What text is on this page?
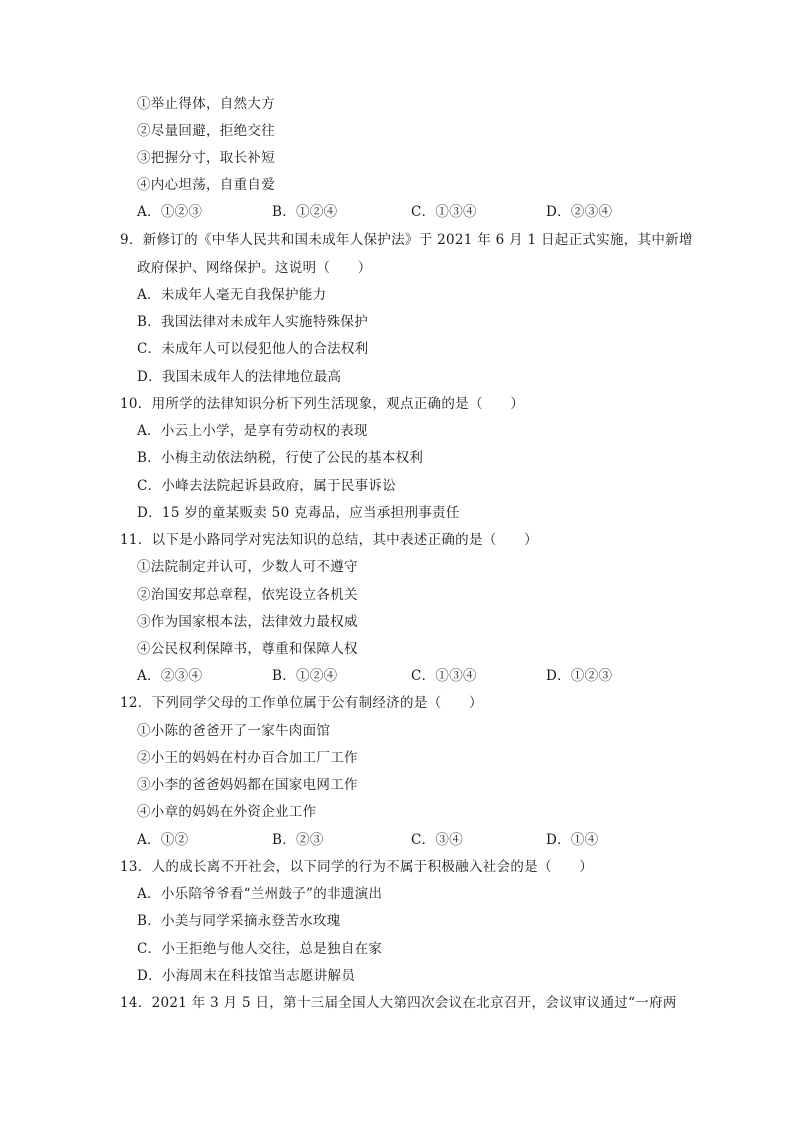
①举止得体，自然大方
②尽量回避，拒绝交往
③把握分寸，取长补短
④内心坦荡，自重自爱
A．①②③	B．①②④	C．①③④	D．②③④
9．新修订的《中华人民共和国未成年人保护法》于 2021 年 6 月 1 日起正式实施，其中新增
政府保护、网络保护。这说明（　　）
A．未成年人毫无自我保护能力
B．我国法律对未成年人实施特殊保护
C．未成年人可以侵犯他人的合法权利
D．我国未成年人的法律地位最高
10．用所学的法律知识分析下列生活现象，观点正确的是（　　）
A．小云上小学，是享有劳动权的表现
B．小梅主动依法纳税，行使了公民的基本权利
C．小峰去法院起诉县政府，属于民事诉讼
D．15 岁的童某贩卖 50 克毒品，应当承担刑事责任
11．以下是小路同学对宪法知识的总结，其中表述正确的是（　　）
①法院制定并认可，少数人可不遵守
②治国安邦总章程，依宪设立各机关
③作为国家根本法，法律效力最权威
④公民权利保障书，尊重和保障人权
A．②③④	B．①②④	C．①③④	D．①②③
12．下列同学父母的工作单位属于公有制经济的是（　　）
①小陈的爸爸开了一家牛肉面馆
②小王的妈妈在村办百合加工厂工作
③小李的爸爸妈妈都在国家电网工作
④小章的妈妈在外资企业工作
A．①②	B．②③	C．③④	D．①④
13．人的成长离不开社会，以下同学的行为不属于积极融入社会的是（　　）
A．小乐陪爷爷看“兰州鼓子”的非遗演出
B．小美与同学采摘永登苦水玫瑰
C．小王拒绝与他人交往，总是独自在家
D．小海周末在科技馆当志愿讲解员
14．2021 年 3 月 5 日，第十三届全国人大第四次会议在北京召开，会议审议通过“一府两
